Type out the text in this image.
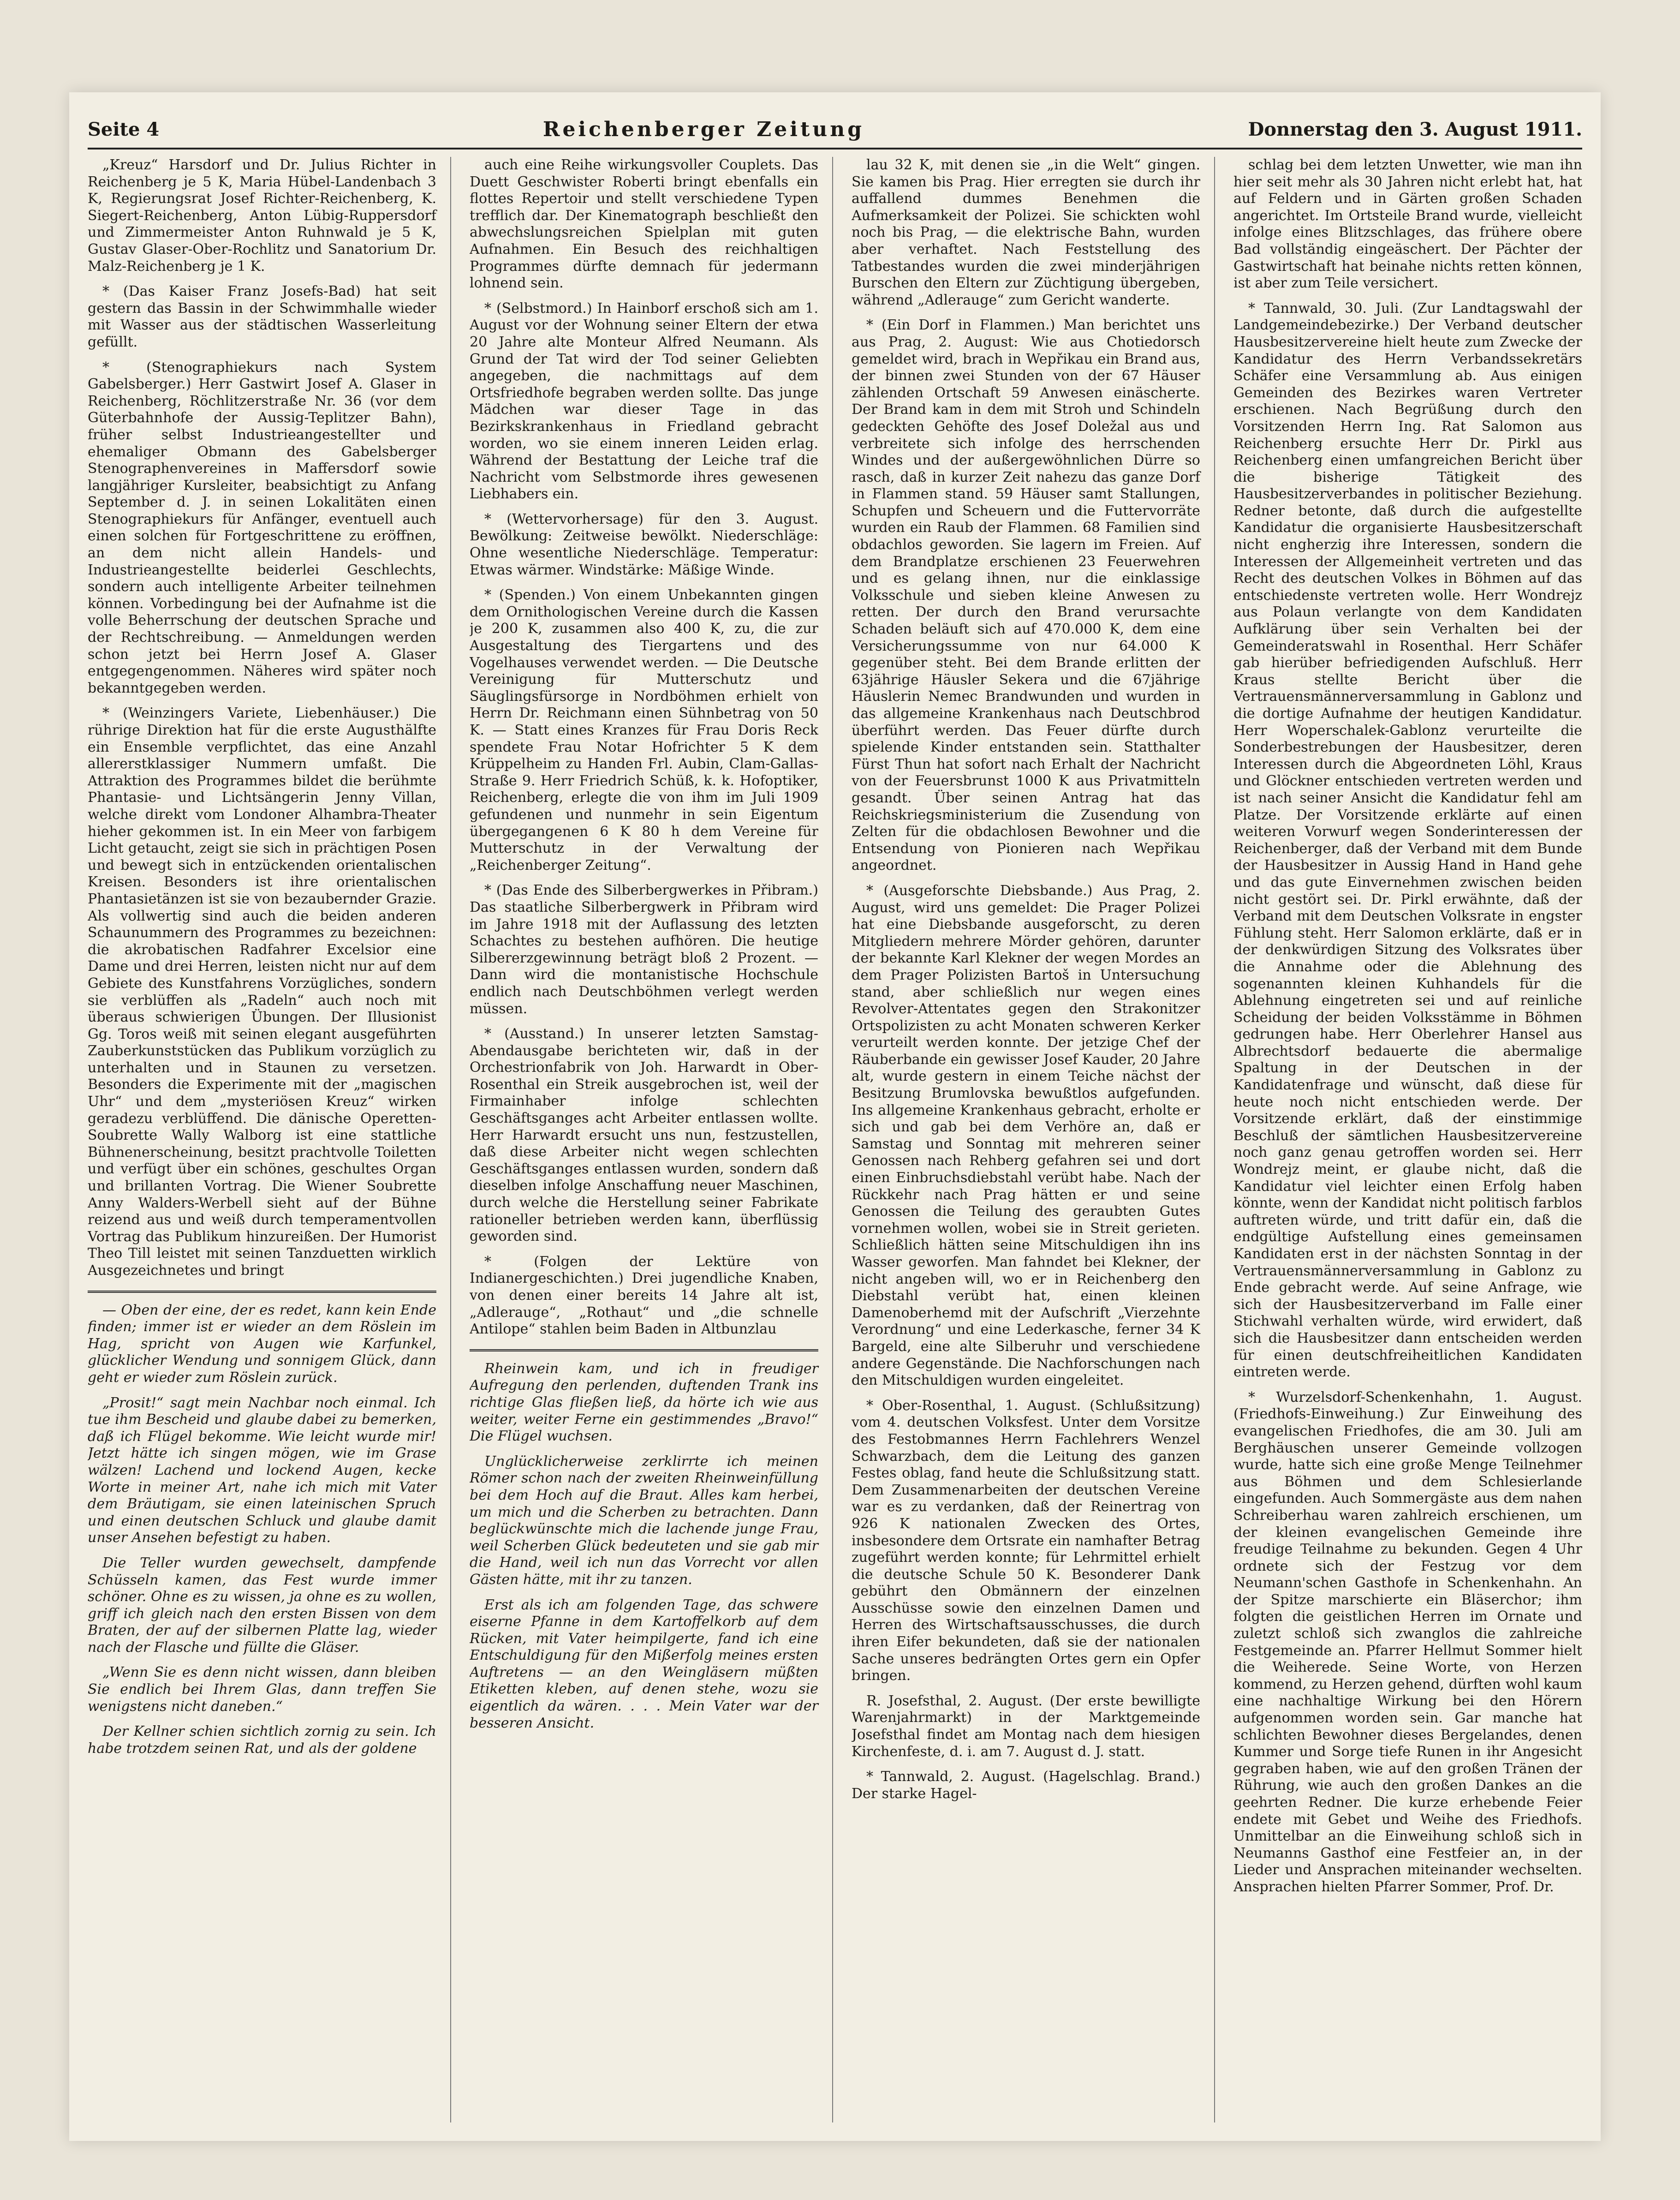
Seite 4	Reichenberger Zeitung	Donnerstag den 3. August 1911.

„Kreuz“ Harsdorf und Dr. Julius Richter in Reichenberg je 5 K, Maria Hübel-Landenbach 3 K, Regierungsrat Josef Richter-Reichenberg, K. Siegert-Reichenberg, Anton Lübig-Ruppersdorf und Zimmermeister Anton Ruhnwald je 5 K, Gustav Glaser-Ober-Rochlitz und Sanatorium Dr. Malz-Reichenberg je 1 K.

* (Das Kaiser Franz Josefs-Bad) hat seit gestern das Bassin in der Schwimmhalle wieder mit Wasser aus der städtischen Wasserleitung gefüllt.

* (Stenographiekurs nach System Gabelsberger.) Herr Gastwirt Josef A. Glaser in Reichenberg, Röchlitzerstraße Nr. 36 (vor dem Güterbahnhofe der Aussig-Teplitzer Bahn), früher selbst Industrieangestellter und ehemaliger Obmann des Gabelsberger Stenographenvereines in Maffersdorf sowie langjähriger Kursleiter, beabsichtigt zu Anfang September d. J. in seinen Lokalitäten einen Stenographiekurs für Anfänger, eventuell auch einen solchen für Fortgeschrittene zu eröffnen, an dem nicht allein Handels- und Industrieangestellte beiderlei Geschlechts, sondern auch intelligente Arbeiter teilnehmen können. Vorbedingung bei der Aufnahme ist die volle Beherrschung der deutschen Sprache und der Rechtschreibung. — Anmeldungen werden schon jetzt bei Herrn Josef A. Glaser entgegengenommen. Näheres wird später noch bekanntgegeben werden.

* (Weinzingers Variete, Liebenhäuser.) Die rührige Direktion hat für die erste Augusthälfte ein Ensemble verpflichtet, das eine Anzahl allererstklassiger Nummern umfaßt. Die Attraktion des Programmes bildet die berühmte Phantasie- und Lichtsängerin Jenny Villan, welche direkt vom Londoner Alhambra-Theater hieher gekommen ist. In ein Meer von farbigem Licht getaucht, zeigt sie sich in prächtigen Posen und bewegt sich in entzückenden orientalischen Kreisen. Besonders ist ihre orientalischen Phantasietänzen ist sie von bezaubernder Grazie. Als vollwertig sind auch die beiden anderen Schaunummern des Programmes zu bezeichnen: die akrobatischen Radfahrer Excelsior eine Dame und drei Herren, leisten nicht nur auf dem Gebiete des Kunstfahrens Vorzügliches, sondern sie verblüffen als „Radeln“ auch noch mit überaus schwierigen Übungen. Der Illusionist Gg. Toros weiß mit seinen elegant ausgeführten Zauberkunststücken das Publikum vorzüglich zu unterhalten und in Staunen zu versetzen. Besonders die Experimente mit der „magischen Uhr“ und dem „mysteriösen Kreuz“ wirken geradezu verblüffend. Die dänische Operetten-Soubrette Wally Walborg ist eine stattliche Bühnenerscheinung, besitzt prachtvolle Toiletten und verfügt über ein schönes, geschultes Organ und brillanten Vortrag. Die Wiener Soubrette Anny Walders-Werbell sieht auf der Bühne reizend aus und weiß durch temperamentvollen Vortrag das Publikum hinzureißen. Der Humorist Theo Till leistet mit seinen Tanzduetten wirklich Ausgezeichnetes und bringt

— Oben der eine, der es redet, kann kein Ende finden; immer ist er wieder an dem Röslein im Hag, spricht von Augen wie Karfunkel, glücklicher Wendung und sonnigem Glück, dann geht er wieder zum Röslein zurück.

„Prosit!“ sagt mein Nachbar noch einmal. Ich tue ihm Bescheid und glaube dabei zu bemerken, daß ich Flügel bekomme. Wie leicht wurde mir! Jetzt hätte ich singen mögen, wie im Grase wälzen! Lachend und lockend Augen, kecke Worte in meiner Art, nahe ich mich mit Vater dem Bräutigam, sie einen lateinischen Spruch und einen deutschen Schluck und glaube damit unser Ansehen befestigt zu haben.

Die Teller wurden gewechselt, dampfende Schüsseln kamen, das Fest wurde immer schöner. Ohne es zu wissen, ja ohne es zu wollen, griff ich gleich nach den ersten Bissen von dem Braten, der auf der silbernen Platte lag, wieder nach der Flasche und füllte die Gläser.

„Wenn Sie es denn nicht wissen, dann bleiben Sie endlich bei Ihrem Glas, dann treffen Sie wenigstens nicht daneben.“

Der Kellner schien sichtlich zornig zu sein. Ich habe trotzdem seinen Rat, und als der goldene

auch eine Reihe wirkungsvoller Couplets. Das Duett Geschwister Roberti bringt ebenfalls ein flottes Repertoir und stellt verschiedene Typen trefflich dar. Der Kinematograph beschließt den abwechslungsreichen Spielplan mit guten Aufnahmen. Ein Besuch des reichhaltigen Programmes dürfte demnach für jedermann lohnend sein.

* (Selbstmord.) In Hainborf erschoß sich am 1. August vor der Wohnung seiner Eltern der etwa 20 Jahre alte Monteur Alfred Neumann. Als Grund der Tat wird der Tod seiner Geliebten angegeben, die nachmittags auf dem Ortsfriedhofe begraben werden sollte. Das junge Mädchen war dieser Tage in das Bezirkskrankenhaus in Friedland gebracht worden, wo sie einem inneren Leiden erlag. Während der Bestattung der Leiche traf die Nachricht vom Selbstmorde ihres gewesenen Liebhabers ein.

* (Wettervorhersage) für den 3. August. Bewölkung: Zeitweise bewölkt. Niederschläge: Ohne wesentliche Niederschläge. Temperatur: Etwas wärmer. Windstärke: Mäßige Winde.

* (Spenden.) Von einem Unbekannten gingen dem Ornithologischen Vereine durch die Kassen je 200 K, zusammen also 400 K, zu, die zur Ausgestaltung des Tiergartens und des Vogelhauses verwendet werden. — Die Deutsche Vereinigung für Mutterschutz und Säuglingsfürsorge in Nordböhmen erhielt von Herrn Dr. Reichmann einen Sühnbetrag von 50 K. — Statt eines Kranzes für Frau Doris Reck spendete Frau Notar Hofrichter 5 K dem Krüppelheim zu Handen Frl. Aubin, Clam-Gallas-Straße 9. Herr Friedrich Schüß, k. k. Hofoptiker, Reichenberg, erlegte die von ihm im Juli 1909 gefundenen und nunmehr in sein Eigentum übergegangenen 6 K 80 h dem Vereine für Mutterschutz in der Verwaltung der „Reichenberger Zeitung“.

* (Das Ende des Silberbergwerkes in Přibram.) Das staatliche Silberbergwerk in Přibram wird im Jahre 1918 mit der Auflassung des letzten Schachtes zu bestehen aufhören. Die heutige Silbererzgewinnung beträgt bloß 2 Prozent. — Dann wird die montanistische Hochschule endlich nach Deutschböhmen verlegt werden müssen.

* (Ausstand.) In unserer letzten Samstag-Abendausgabe berichteten wir, daß in der Orchestrionfabrik von Joh. Harwardt in Ober-Rosenthal ein Streik ausgebrochen ist, weil der Firmainhaber infolge schlechten Geschäftsganges acht Arbeiter entlassen wollte. Herr Harwardt ersucht uns nun, festzustellen, daß diese Arbeiter nicht wegen schlechten Geschäftsganges entlassen wurden, sondern daß dieselben infolge Anschaffung neuer Maschinen, durch welche die Herstellung seiner Fabrikate rationeller betrieben werden kann, überflüssig geworden sind.

* (Folgen der Lektüre von Indianergeschichten.) Drei jugendliche Knaben, von denen einer bereits 14 Jahre alt ist, „Adlerauge“, „Rothaut“ und „die schnelle Antilope“ stahlen beim Baden in Altbunzlau

Rheinwein kam, und ich in freudiger Aufregung den perlenden, duftenden Trank ins richtige Glas fließen ließ, da hörte ich wie aus weiter, weiter Ferne ein gestimmendes „Bravo!“ Die Flügel wuchsen.

Unglücklicherweise zerklirrte ich meinen Römer schon nach der zweiten Rheinweinfüllung bei dem Hoch auf die Braut. Alles kam herbei, um mich und die Scherben zu betrachten. Dann beglückwünschte mich die lachende junge Frau, weil Scherben Glück bedeuteten und sie gab mir die Hand, weil ich nun das Vorrecht vor allen Gästen hätte, mit ihr zu tanzen.

Erst als ich am folgenden Tage, das schwere eiserne Pfanne in dem Kartoffelkorb auf dem Rücken, mit Vater heimpilgerte, fand ich eine Entschuldigung für den Mißerfolg meines ersten Auftretens — an den Weingläsern müßten Etiketten kleben, auf denen stehe, wozu sie eigentlich da wären. . . . Mein Vater war der besseren Ansicht.

lau 32 K, mit denen sie „in die Welt“ gingen. Sie kamen bis Prag. Hier erregten sie durch ihr auffallend dummes Benehmen die Aufmerksamkeit der Polizei. Sie schickten wohl noch bis Prag, — die elektrische Bahn, wurden aber verhaftet. Nach Feststellung des Tatbestandes wurden die zwei minderjährigen Burschen den Eltern zur Züchtigung übergeben, während „Adlerauge“ zum Gericht wanderte.

* (Ein Dorf in Flammen.) Man berichtet uns aus Prag, 2. August: Wie aus Chotiedorsch gemeldet wird, brach in Wepřikau ein Brand aus, der binnen zwei Stunden von der 67 Häuser zählenden Ortschaft 59 Anwesen einäscherte. Der Brand kam in dem mit Stroh und Schindeln gedeckten Gehöfte des Josef Doležal aus und verbreitete sich infolge des herrschenden Windes und der außergewöhnlichen Dürre so rasch, daß in kurzer Zeit nahezu das ganze Dorf in Flammen stand. 59 Häuser samt Stallungen, Schupfen und Scheuern und die Futtervorräte wurden ein Raub der Flammen. 68 Familien sind obdachlos geworden. Sie lagern im Freien. Auf dem Brandplatze erschienen 23 Feuerwehren und es gelang ihnen, nur die einklassige Volksschule und sieben kleine Anwesen zu retten. Der durch den Brand verursachte Schaden beläuft sich auf 470.000 K, dem eine Versicherungssumme von nur 64.000 K gegenüber steht. Bei dem Brande erlitten der 63jährige Häusler Sekera und die 67jährige Häuslerin Nemec Brandwunden und wurden in das allgemeine Krankenhaus nach Deutschbrod überführt werden. Das Feuer dürfte durch spielende Kinder entstanden sein. Statthalter Fürst Thun hat sofort nach Erhalt der Nachricht von der Feuersbrunst 1000 K aus Privatmitteln gesandt. Über seinen Antrag hat das Reichskriegsministerium die Zusendung von Zelten für die obdachlosen Bewohner und die Entsendung von Pionieren nach Wepřikau angeordnet.

* (Ausgeforschte Diebsbande.) Aus Prag, 2. August, wird uns gemeldet: Die Prager Polizei hat eine Diebsbande ausgeforscht, zu deren Mitgliedern mehrere Mörder gehören, darunter der bekannte Karl Klekner der wegen Mordes an dem Prager Polizisten Bartoš in Untersuchung stand, aber schließlich nur wegen eines Revolver-Attentates gegen den Strakonitzer Ortspolizisten zu acht Monaten schweren Kerker verurteilt werden konnte. Der jetzige Chef der Räuberbande ein gewisser Josef Kauder, 20 Jahre alt, wurde gestern in einem Teiche nächst der Besitzung Brumlovska bewußtlos aufgefunden. Ins allgemeine Krankenhaus gebracht, erholte er sich und gab bei dem Verhöre an, daß er Samstag und Sonntag mit mehreren seiner Genossen nach Rehberg gefahren sei und dort einen Einbruchsdiebstahl verübt habe. Nach der Rückkehr nach Prag hätten er und seine Genossen die Teilung des geraubten Gutes vornehmen wollen, wobei sie in Streit gerieten. Schließlich hätten seine Mitschuldigen ihn ins Wasser geworfen. Man fahndet bei Klekner, der nicht angeben will, wo er in Reichenberg den Diebstahl verübt hat, einen kleinen Damenoberhemd mit der Aufschrift „Vierzehnte Verordnung“ und eine Lederkasche, ferner 34 K Bargeld, eine alte Silberuhr und verschiedene andere Gegenstände. Die Nachforschungen nach den Mitschuldigen wurden eingeleitet.

* Ober-Rosenthal, 1. August. (Schlußsitzung) vom 4. deutschen Volksfest. Unter dem Vorsitze des Festobmannes Herrn Fachlehrers Wenzel Schwarzbach, dem die Leitung des ganzen Festes oblag, fand heute die Schlußsitzung statt. Dem Zusammenarbeiten der deutschen Vereine war es zu verdanken, daß der Reinertrag von 926 K nationalen Zwecken des Ortes, insbesondere dem Ortsrate ein namhafter Betrag zugeführt werden konnte; für Lehrmittel erhielt die deutsche Schule 50 K. Besonderer Dank gebührt den Obmännern der einzelnen Ausschüsse sowie den einzelnen Damen und Herren des Wirtschaftsausschusses, die durch ihren Eifer bekundeten, daß sie der nationalen Sache unseres bedrängten Ortes gern ein Opfer bringen.

R. Josefsthal, 2. August. (Der erste bewilligte Warenjahrmarkt) in der Marktgemeinde Josefsthal findet am Montag nach dem hiesigen Kirchenfeste, d. i. am 7. August d. J. statt.

* Tannwald, 2. August. (Hagelschlag. Brand.) Der starke Hagel-

schlag bei dem letzten Unwetter, wie man ihn hier seit mehr als 30 Jahren nicht erlebt hat, hat auf Feldern und in Gärten großen Schaden angerichtet. Im Ortsteile Brand wurde, vielleicht infolge eines Blitzschlages, das frühere obere Bad vollständig eingeäschert. Der Pächter der Gastwirtschaft hat beinahe nichts retten können, ist aber zum Teile versichert.

* Tannwald, 30. Juli. (Zur Landtagswahl der Landgemeindebezirke.) Der Verband deutscher Hausbesitzervereine hielt heute zum Zwecke der Kandidatur des Herrn Verbandssekretärs Schäfer eine Versammlung ab. Aus einigen Gemeinden des Bezirkes waren Vertreter erschienen. Nach Begrüßung durch den Vorsitzenden Herrn Ing. Rat Salomon aus Reichenberg ersuchte Herr Dr. Pirkl aus Reichenberg einen umfangreichen Bericht über die bisherige Tätigkeit des Hausbesitzerverbandes in politischer Beziehung. Redner betonte, daß durch die aufgestellte Kandidatur die organisierte Hausbesitzerschaft nicht engherzig ihre Interessen, sondern die Interessen der Allgemeinheit vertreten und das Recht des deutschen Volkes in Böhmen auf das entschiedenste vertreten wolle. Herr Wondrejz aus Polaun verlangte von dem Kandidaten Aufklärung über sein Verhalten bei der Gemeinderatswahl in Rosenthal. Herr Schäfer gab hierüber befriedigenden Aufschluß. Herr Kraus stellte Bericht über die Vertrauensmännerversammlung in Gablonz und die dortige Aufnahme der heutigen Kandidatur. Herr Woperschalek-Gablonz verurteilte die Sonderbestrebungen der Hausbesitzer, deren Interessen durch die Abgeordneten Löhl, Kraus und Glöckner entschieden vertreten werden und ist nach seiner Ansicht die Kandidatur fehl am Platze. Der Vorsitzende erklärte auf einen weiteren Vorwurf wegen Sonderinteressen der Reichenberger, daß der Verband mit dem Bunde der Hausbesitzer in Aussig Hand in Hand gehe und das gute Einvernehmen zwischen beiden nicht gestört sei. Dr. Pirkl erwähnte, daß der Verband mit dem Deutschen Volksrate in engster Fühlung steht. Herr Salomon erklärte, daß er in der denkwürdigen Sitzung des Volksrates über die Annahme oder die Ablehnung des sogenannten kleinen Kuhhandels für die Ablehnung eingetreten sei und auf reinliche Scheidung der beiden Volksstämme in Böhmen gedrungen habe. Herr Oberlehrer Hansel aus Albrechtsdorf bedauerte die abermalige Spaltung in der Deutschen in der Kandidatenfrage und wünscht, daß diese für heute noch nicht entschieden werde. Der Vorsitzende erklärt, daß der einstimmige Beschluß der sämtlichen Hausbesitzervereine noch ganz genau getroffen worden sei. Herr Wondrejz meint, er glaube nicht, daß die Kandidatur viel leichter einen Erfolg haben könnte, wenn der Kandidat nicht politisch farblos auftreten würde, und tritt dafür ein, daß die endgültige Aufstellung eines gemeinsamen Kandidaten erst in der nächsten Sonntag in der Vertrauensmännerversammlung in Gablonz zu Ende gebracht werde. Auf seine Anfrage, wie sich der Hausbesitzerverband im Falle einer Stichwahl verhalten würde, wird erwidert, daß sich die Hausbesitzer dann entscheiden werden für einen deutschfreiheitlichen Kandidaten eintreten werde.

* Wurzelsdorf-Schenkenhahn, 1. August. (Friedhofs-Einweihung.) Zur Einweihung des evangelischen Friedhofes, die am 30. Juli am Berghäuschen unserer Gemeinde vollzogen wurde, hatte sich eine große Menge Teilnehmer aus Böhmen und dem Schlesierlande eingefunden. Auch Sommergäste aus dem nahen Schreiberhau waren zahlreich erschienen, um der kleinen evangelischen Gemeinde ihre freudige Teilnahme zu bekunden. Gegen 4 Uhr ordnete sich der Festzug vor dem Neumann'schen Gasthofe in Schenkenhahn. An der Spitze marschierte ein Bläserchor; ihm folgten die geistlichen Herren im Ornate und zuletzt schloß sich zwanglos die zahlreiche Festgemeinde an. Pfarrer Hellmut Sommer hielt die Weiherede. Seine Worte, von Herzen kommend, zu Herzen gehend, dürften wohl kaum eine nachhaltige Wirkung bei den Hörern aufgenommen worden sein. Gar manche hat schlichten Bewohner dieses Bergelandes, denen Kummer und Sorge tiefe Runen in ihr Angesicht gegraben haben, wie auf den großen Tränen der Rührung, wie auch den großen Dankes an die geehrten Redner. Die kurze erhebende Feier endete mit Gebet und Weihe des Friedhofs. Unmittelbar an die Einweihung schloß sich in Neumanns Gasthof eine Festfeier an, in der Lieder und Ansprachen miteinander wechselten. Ansprachen hielten Pfarrer Sommer, Prof. Dr.
